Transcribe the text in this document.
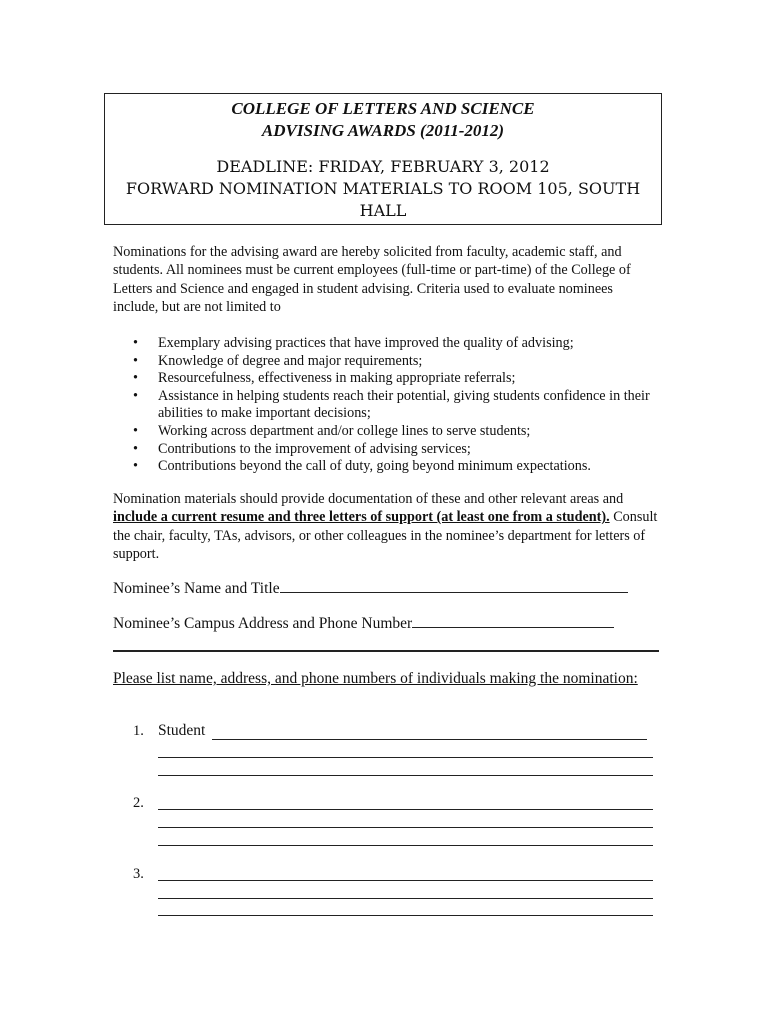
COLLEGE OF LETTERS AND SCIENCE

ADVISING AWARDS (2011-2012)

DEADLINE: FRIDAY, FEBRUARY 3, 2012

FORWARD NOMINATION MATERIALS TO ROOM 105, SOUTH HALL

Nominations for the advising award are hereby solicited from faculty, academic staff, and students. All nominees must be current employees (full-time or part-time) of the College of Letters and Science and engaged in student advising. Criteria used to evaluate nominees include, but are not limited to

• Exemplary advising practices that have improved the quality of advising;
• Knowledge of degree and major requirements;
• Resourcefulness, effectiveness in making appropriate referrals;
• Assistance in helping students reach their potential, giving students confidence in their abilities to make important decisions;
• Working across department and/or college lines to serve students;
• Contributions to the improvement of advising services;
• Contributions beyond the call of duty, going beyond minimum expectations.

Nomination materials should provide documentation of these and other relevant areas and include a current resume and three letters of support (at least one from a student). Consult the chair, faculty, TAs, advisors, or other colleagues in the nominee’s department for letters of support.

Nominee’s Name and Title
Nominee’s Campus Address and Phone Number

Please list name, address, and phone numbers of individuals making the nomination:

1. Student
2.
3.
